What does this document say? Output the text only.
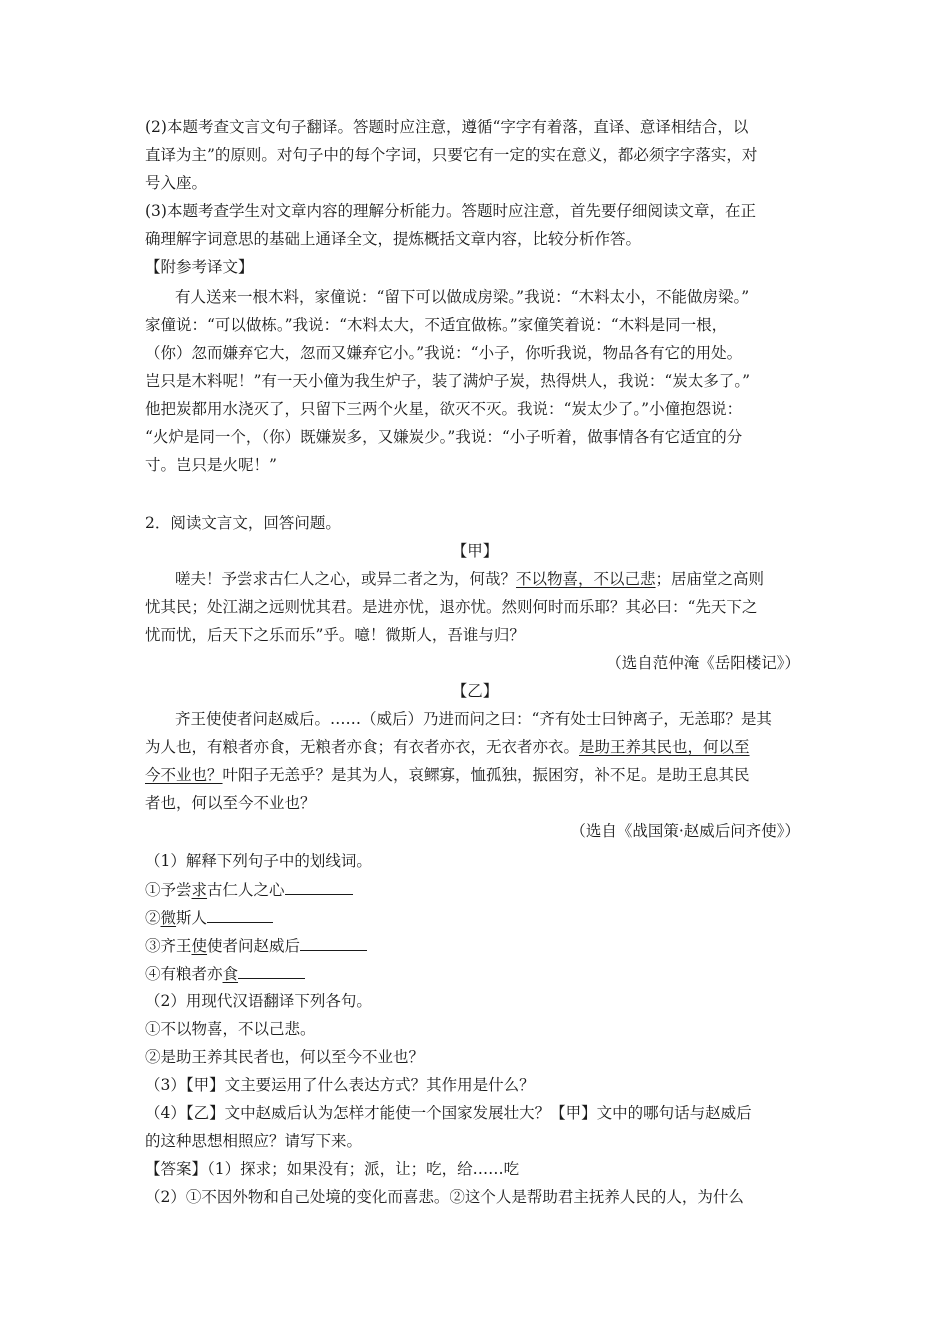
(2)本题考查文言文句子翻译。答题时应注意，遵循“字字有着落，直译、意译相结合，以
直译为主”的原则。对句子中的每个字词，只要它有一定的实在意义，都必须字字落实，对
号入座。
(3)本题考查学生对文章内容的理解分析能力。答题时应注意，首先要仔细阅读文章，在正
确理解字词意思的基础上通译全文，提炼概括文章内容，比较分析作答。
【附参考译文】
有人送来一根木料，家僮说：“留下可以做成房梁。”我说：“木料太小，不能做房梁。”
家僮说：“可以做栋。”我说：“木料太大，不适宜做栋。”家僮笑着说：“木料是同一根，
（你）忽而嫌弃它大，忽而又嫌弃它小。”我说：“小子，你听我说，物品各有它的用处。
岂只是木料呢！”有一天小僮为我生炉子，装了满炉子炭，热得烘人，我说：“炭太多了。”
他把炭都用水浇灭了，只留下三两个火星，欲灭不灭。我说：“炭太少了。”小僮抱怨说：
“火炉是同一个，（你）既嫌炭多，又嫌炭少。”我说：“小子听着，做事情各有它适宜的分
寸。岂只是火呢！”
2．阅读文言文，回答问题。
【甲】
嗟夫！予尝求古仁人之心，或异二者之为，何哉？不以物喜，不以己悲；居庙堂之高则
忧其民；处江湖之远则忧其君。是进亦忧，退亦忧。然则何时而乐耶？其必曰：“先天下之
忧而忧，后天下之乐而乐”乎。噫！微斯人，吾谁与归？
（选自范仲淹《岳阳楼记》）
【乙】
齐王使使者问赵威后。……（威后）乃进而问之曰：“齐有处士曰钟离子，无恙耶？是其
为人也，有粮者亦食，无粮者亦食；有衣者亦衣，无衣者亦衣。是助王养其民也，何以至
今不业也？叶阳子无恙乎？是其为人，哀鳏寡，恤孤独，振困穷，补不足。是助王息其民
者也，何以至今不业也？
（选自《战国策·赵威后问齐使》）
（1）解释下列句子中的划线词。
①予尝求古仁人之心
②微斯人
③齐王使使者问赵威后
④有粮者亦食
（2）用现代汉语翻译下列各句。
①不以物喜，不以己悲。
②是助王养其民者也，何以至今不业也？
（3）【甲】文主要运用了什么表达方式？其作用是什么？
（4）【乙】文中赵威后认为怎样才能使一个国家发展壮大？【甲】文中的哪句话与赵威后
的这种思想相照应？请写下来。
【答案】（1）探求；如果没有；派，让；吃，给……吃
（2）①不因外物和自己处境的变化而喜悲。②这个人是帮助君主抚养人民的人，为什么
